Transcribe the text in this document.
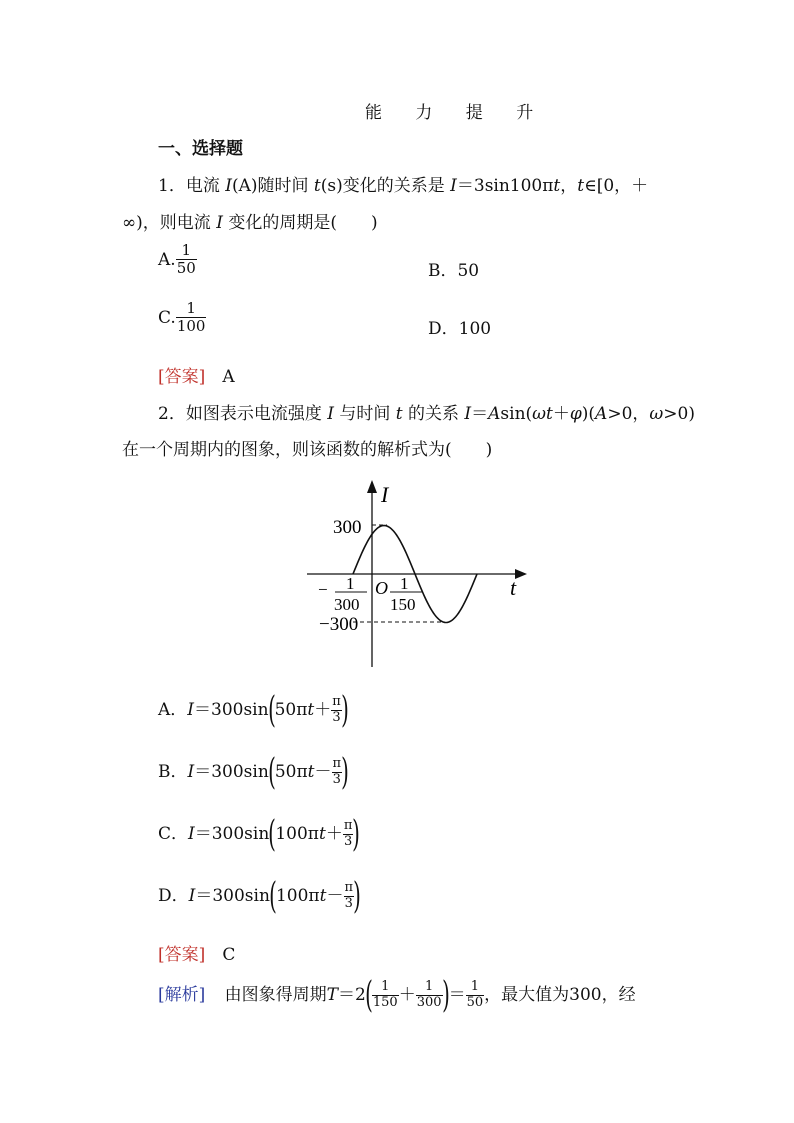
能 力 提 升
一、选择题
1．电流 I(A)随时间 t(s)变化的关系是 I＝3sin100πt，t∈[0，＋
∞)，则电流 I 变化的周期是(　　)
A. $\frac{1}{50}$	B．50
C. $\frac{1}{100}$	D．100
[答案] A
2．如图表示电流强度 I 与时间 t 的关系 I＝Asin(ωt＋φ)(A>0，ω>0)
在一个周期内的图象，则该函数的解析式为(　　)
I
t
O
300
−300
− 1
300
1
150
A．$I=300\sin(50\pi t+ \frac{\pi}{3}$ )
B．$I=300\sin(50\pi t- \frac{\pi}{3}$ )
C．$I=300\sin(100\pi t+ \frac{\pi}{3}$ )
D．$I=300\sin(100\pi t- \frac{\pi}{3}$ )
[答案] C
[解析] 由图象得周期$T=2( \frac{1}{150} + \frac{1}{300}$ )＝ $\frac{1}{50}$ ，最大值为300，经
